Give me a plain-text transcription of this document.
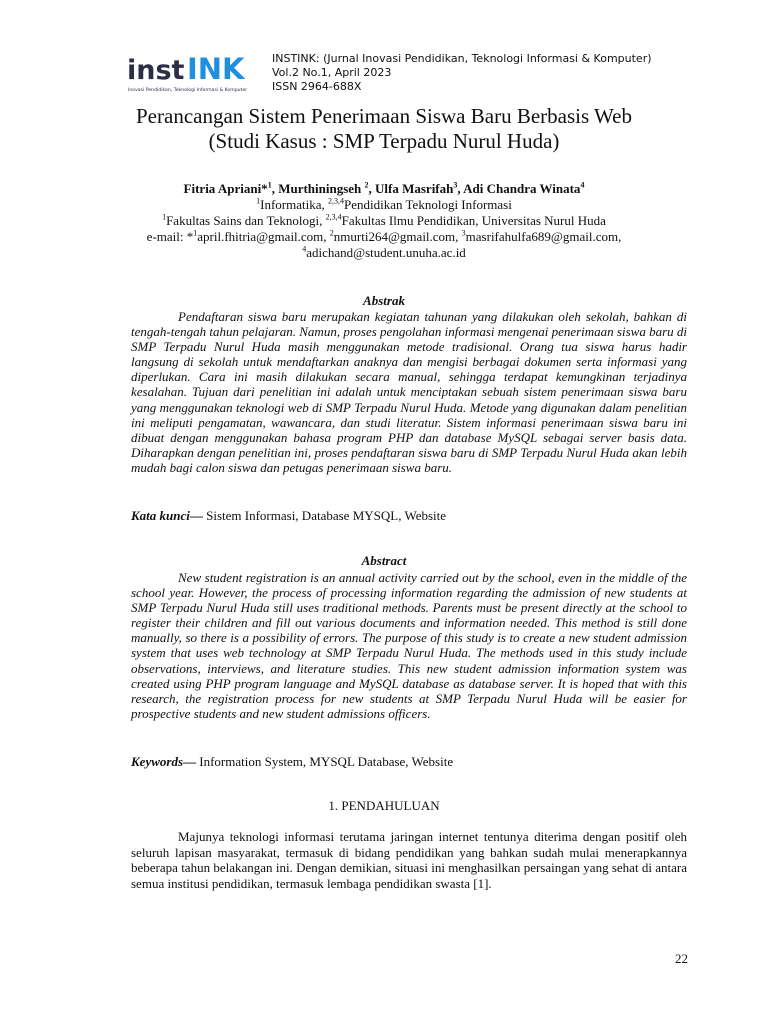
inst INK
Inovasi Pendidikan, Teknologi Informasi & Komputer
INSTINK: (Jurnal Inovasi Pendidikan, Teknologi Informasi & Komputer)
Vol.2 No.1, April 2023
ISSN 2964-688X
Perancangan Sistem Penerimaan Siswa Baru Berbasis Web
(Studi Kasus : SMP Terpadu Nurul Huda)
Fitria Apriani*$^1$, Murthiningseh $^2$, Ulfa Masrifah$^3$, Adi Chandra Winata$^4$
$^1$Informatika, $^{2,3,4}$Pendidikan Teknologi Informasi
$^1$Fakultas Sains dan Teknologi, $^{2,3,4}$Fakultas Ilmu Pendidikan, Universitas Nurul Huda
e-mail: *$^1$april.fhitria@gmail.com, $^2$nmurti264@gmail.com, $^3$masrifahulfa689@gmail.com,
$^4$adichand@student.unuha.ac.id
Abstrak
Pendaftaran siswa baru merupakan kegiatan tahunan yang dilakukan oleh sekolah, bahkan di tengah-tengah tahun pelajaran. Namun, proses pengolahan informasi mengenai penerimaan siswa baru di SMP Terpadu Nurul Huda masih menggunakan metode tradisional. Orang tua siswa harus hadir langsung di sekolah untuk mendaftarkan anaknya dan mengisi berbagai dokumen serta informasi yang diperlukan. Cara ini masih dilakukan secara manual, sehingga terdapat kemungkinan terjadinya kesalahan. Tujuan dari penelitian ini adalah untuk menciptakan sebuah sistem penerimaan siswa baru yang menggunakan teknologi web di SMP Terpadu Nurul Huda. Metode yang digunakan dalam penelitian ini meliputi pengamatan, wawancara, dan studi literatur. Sistem informasi penerimaan siswa baru ini dibuat dengan menggunakan bahasa program PHP dan database MySQL sebagai server basis data. Diharapkan dengan penelitian ini, proses pendaftaran siswa baru di SMP Terpadu Nurul Huda akan lebih mudah bagi calon siswa dan petugas penerimaan siswa baru.
Kata kunci— Sistem Informasi, Database MYSQL, Website
Abstract
New student registration is an annual activity carried out by the school, even in the middle of the school year. However, the process of processing information regarding the admission of new students at SMP Terpadu Nurul Huda still uses traditional methods. Parents must be present directly at the school to register their children and fill out various documents and information needed. This method is still done manually, so there is a possibility of errors. The purpose of this study is to create a new student admission system that uses web technology at SMP Terpadu Nurul Huda. The methods used in this study include observations, interviews, and literature studies. This new student admission information system was created using PHP program language and MySQL database as database server. It is hoped that with this research, the registration process for new students at SMP Terpadu Nurul Huda will be easier for prospective students and new student admissions officers.
Keywords— Information System, MYSQL Database, Website
1. PENDAHULUAN
Majunya teknologi informasi terutama jaringan internet tentunya diterima dengan positif oleh seluruh lapisan masyarakat, termasuk di bidang pendidikan yang bahkan sudah mulai menerapkannya beberapa tahun belakangan ini. Dengan demikian, situasi ini menghasilkan persaingan yang sehat di antara semua institusi pendidikan, termasuk lembaga pendidikan swasta [1].
22
